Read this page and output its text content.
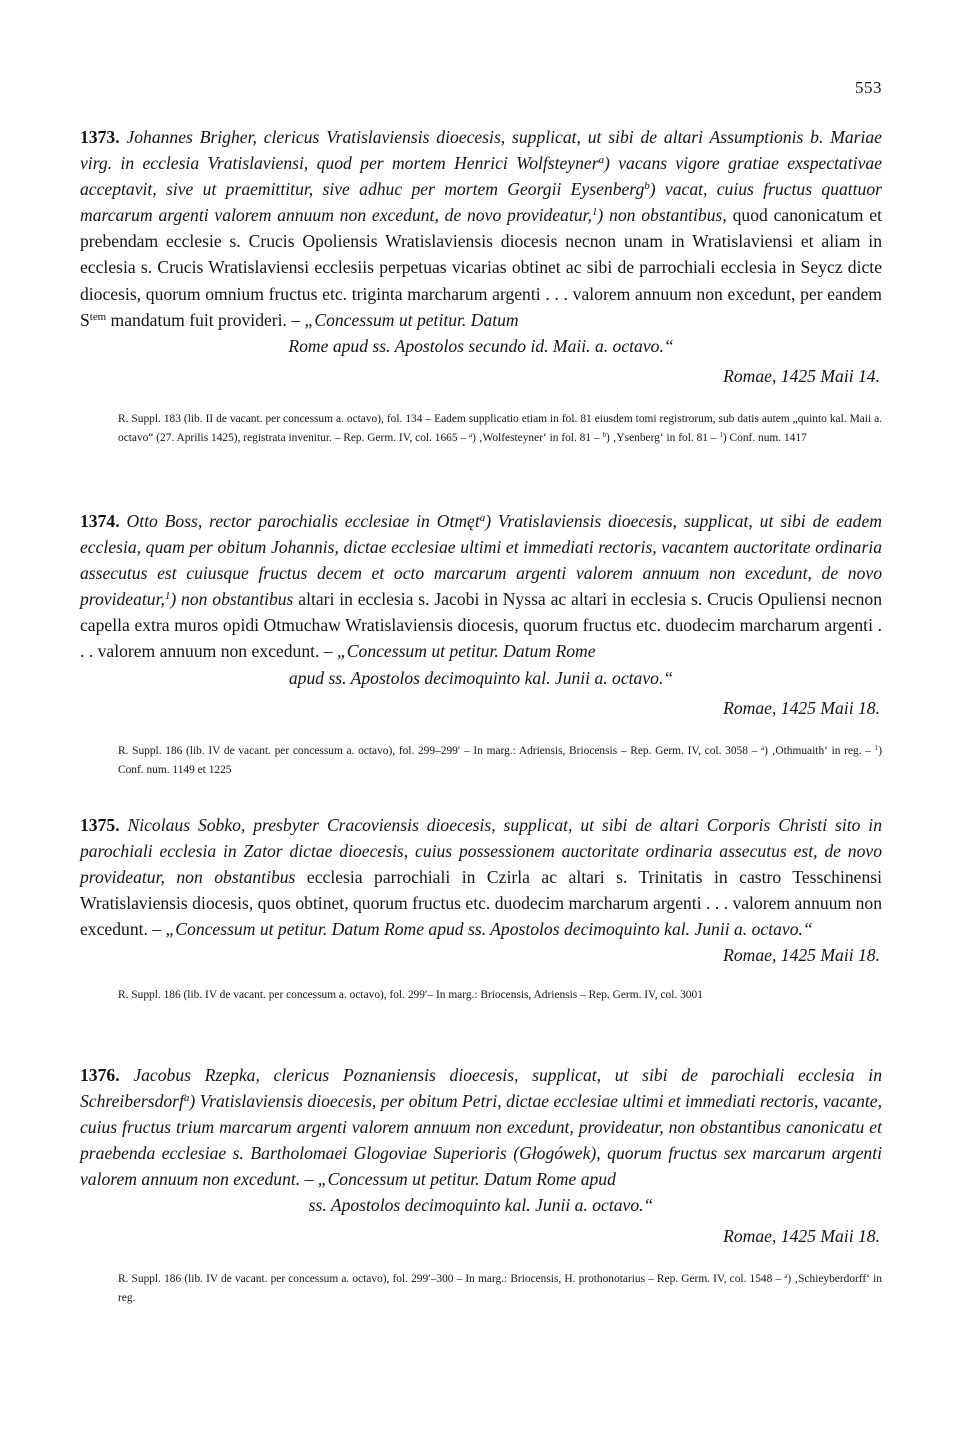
553

1373. Johannes Brigher, clericus Vratislaviensis dioecesis, supplicat, ut sibi de altari Assumptionis b. Mariae virg. in ecclesia Vratislaviensi, quod per mortem Henrici Wolfsteyner$^a$) vacans vigore gratiae exspectativae acceptavit, sive ut praemittitur, sive adhuc per mortem Georgii Eysenberg$^b$) vacat, cuius fructus quattuor marcarum argenti valorem annuum non excedunt, de novo provideatur,$^1$) non obstantibus, quod canonicatum et prebendam ecclesie s. Crucis Opoliensis Wratislaviensis diocesis necnon unam in Wratislaviensi et aliam in ecclesia s. Crucis Wratislaviensi ecclesiis perpetuas vicarias obtinet ac sibi de parrochiali ecclesia in Seycz dicte diocesis, quorum omnium fructus etc. triginta marcharum argenti . . . valorem annuum non excedunt, per eandem $S^{tem}$ mandatum fuit provideri. – „Concessum ut petitur. Datum
Rome apud ss. Apostolos secundo id. Maii. a. octavo.“

Romae, 1425 Maii 14.
R. Suppl. 183 (lib. II de vacant. per concessum a. octavo), fol. 134 – Eadem supplicatio etiam in fol. 81 eiusdem tomi registrorum, sub datis autem „quinto kal. Maii a. octavo“ (27. Aprilis 1425), registrata invenitur. – Rep. Germ. IV, col. 1665 – $^a$) ‚Wolfesteyner‘ in fol. 81 – $^b$) ‚Ysenberg‘ in fol. 81 – $^1$) Conf. num. 1417

1374. Otto Boss, rector parochialis ecclesiae in Otmęt$^a$) Vratislaviensis dioecesis, supplicat, ut sibi de eadem ecclesia, quam per obitum Johannis, dictae ecclesiae ultimi et immediati rectoris, vacantem auctoritate ordinaria assecutus est cuiusque fructus decem et octo marcarum argenti valorem annuum non excedunt, de novo provideatur,$^1$) non obstantibus altari in ecclesia s. Jacobi in Nyssa ac altari in ecclesia s. Crucis Opuliensi necnon capella extra muros opidi Otmuchaw Wratislaviensis diocesis, quorum fructus etc. duodecim marcharum argenti . . . valorem annuum non excedunt. – „Concessum ut petitur. Datum Rome
apud ss. Apostolos decimoquinto kal. Junii a. octavo.“

Romae, 1425 Maii 18.
R. Suppl. 186 (lib. IV de vacant. per concessum a. octavo), fol. 299–299′ – In marg.: Adriensis, Briocensis – Rep. Germ. IV, col. 3058 – $^a$) ‚Othmuaith‘ in reg. – $^1$) Conf. num. 1149 et 1225

1375. Nicolaus Sobko, presbyter Cracoviensis dioecesis, supplicat, ut sibi de altari Corporis Christi sito in parochiali ecclesia in Zator dictae dioecesis, cuius possessionem auctoritate ordinaria assecutus est, de novo provideatur, non obstantibus ecclesia parrochiali in Czirla ac altari s. Trinitatis in castro Tesschinensi Wratislaviensis diocesis, quos obtinet, quorum fructus etc. duodecim marcharum argenti . . . valorem annuum non excedunt. – „Concessum ut petitur. Datum Rome apud ss. Apostolos decimoquinto kal. Junii a. octavo.“

Romae, 1425 Maii 18.
R. Suppl. 186 (lib. IV de vacant. per concessum a. octavo), fol. 299′– In marg.: Briocensis, Adriensis – Rep. Germ. IV, col. 3001

1376. Jacobus Rzepka, clericus Poznaniensis dioecesis, supplicat, ut sibi de parochiali ecclesia in Schreibersdorf$^a$) Vratislaviensis dioecesis, per obitum Petri, dictae ecclesiae ultimi et immediati rectoris, vacante, cuius fructus trium marcarum argenti valorem annuum non excedunt, provideatur, non obstantibus canonicatu et praebenda ecclesiae s. Bartholomaei Glogoviae Superioris (Głogówek), quorum fructus sex marcarum argenti valorem annuum non excedunt. – „Concessum ut petitur. Datum Rome apud
ss. Apostolos decimoquinto kal. Junii a. octavo.“

Romae, 1425 Maii 18.
R. Suppl. 186 (lib. IV de vacant. per concessum a. octavo), fol. 299′–300 – In marg.: Briocensis, H. prothonotarius – Rep. Germ. IV, col. 1548 – $^a$) ‚Schieyberdorff‘ in reg.
